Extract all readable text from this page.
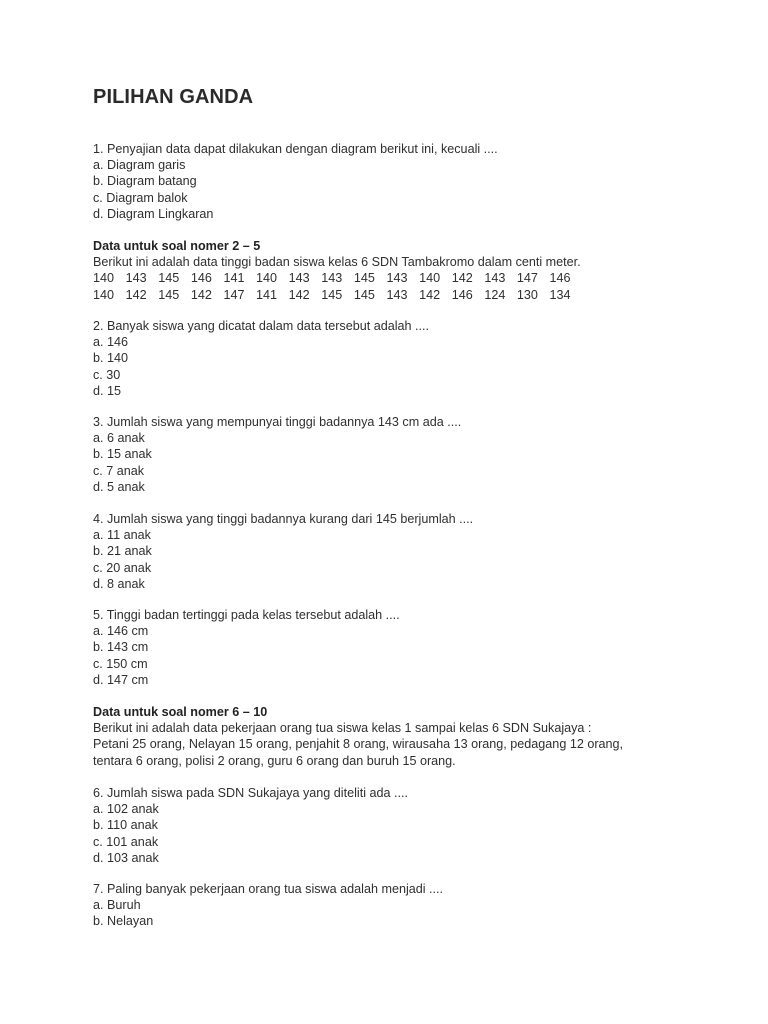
PILIHAN GANDA
1. Penyajian data dapat dilakukan dengan diagram berikut ini, kecuali ....
a. Diagram garis
b. Diagram batang
c. Diagram balok
d. Diagram Lingkaran
Data untuk soal nomer 2 – 5
Berikut ini adalah data tinggi badan siswa kelas 6 SDN Tambakromo dalam centi meter.
140 143 145 146 141 140 143 143 145 143 140 142 143 147 146
140 142 145 142 147 141 142 145 145 143 142 146 124 130 134
2. Banyak siswa yang dicatat dalam data tersebut adalah ....
a. 146
b. 140
c. 30
d. 15
3. Jumlah siswa yang mempunyai tinggi badannya 143 cm ada ....
a. 6 anak
b. 15 anak
c. 7 anak
d. 5 anak
4. Jumlah siswa yang tinggi badannya kurang dari 145 berjumlah ....
a. 11 anak
b. 21 anak
c. 20 anak
d. 8 anak
5. Tinggi badan tertinggi pada kelas tersebut adalah ....
a. 146 cm
b. 143 cm
c. 150 cm
d. 147 cm
Data untuk soal nomer 6 – 10
Berikut ini adalah data pekerjaan orang tua siswa kelas 1 sampai kelas 6 SDN Sukajaya :
Petani 25 orang, Nelayan 15 orang, penjahit 8 orang, wirausaha 13 orang, pedagang 12 orang,
tentara 6 orang, polisi 2 orang, guru 6 orang dan buruh 15 orang.
6. Jumlah siswa pada SDN Sukajaya yang diteliti ada ....
a. 102 anak
b. 110 anak
c. 101 anak
d. 103 anak
7. Paling banyak pekerjaan orang tua siswa adalah menjadi ....
a. Buruh
b. Nelayan
